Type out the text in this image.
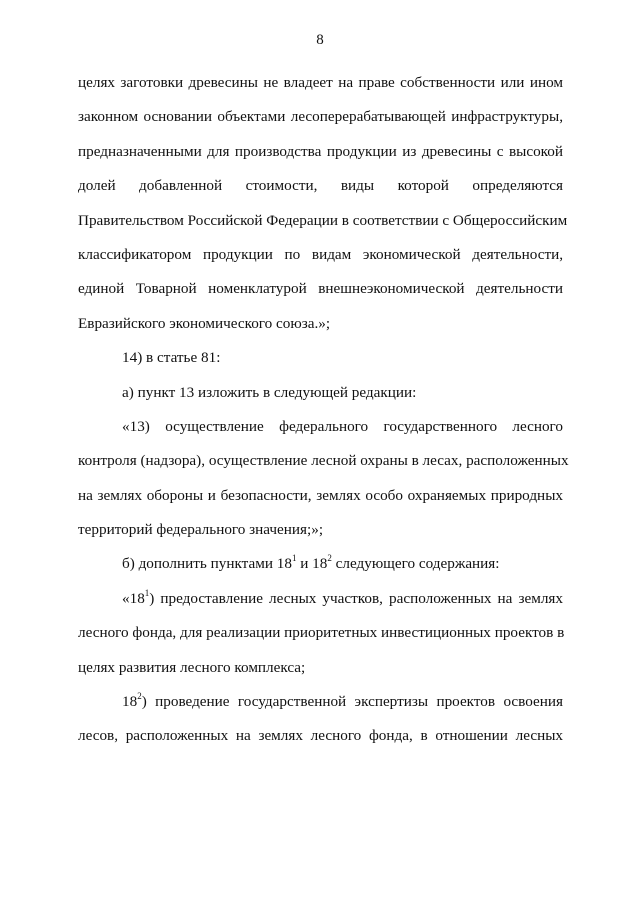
8
целях заготовки древесины не владеет на праве собственности или ином
законном основании объектами лесоперерабатывающей инфраструктуры,
предназначенными для производства продукции из древесины с высокой
долей добавленной стоимости, виды которой определяются
Правительством Российской Федерации в соответствии с Общероссийским
классификатором продукции по видам экономической деятельности,
единой Товарной номенклатурой внешнеэкономической деятельности
Евразийского экономического союза.»;
14) в статье 81:
а) пункт 13 изложить в следующей редакции:
«13) осуществление федерального государственного лесного
контроля (надзора), осуществление лесной охраны в лесах, расположенных
на землях обороны и безопасности, землях особо охраняемых природных
территорий федерального значения;»;
б) дополнить пунктами $18^1$ и $18^2$ следующего содержания:
«$18^1$) предоставление лесных участков, расположенных на землях
лесного фонда, для реализации приоритетных инвестиционных проектов в
целях развития лесного комплекса;
$18^2$) проведение государственной экспертизы проектов освоения
лесов, расположенных на землях лесного фонда, в отношении лесных
